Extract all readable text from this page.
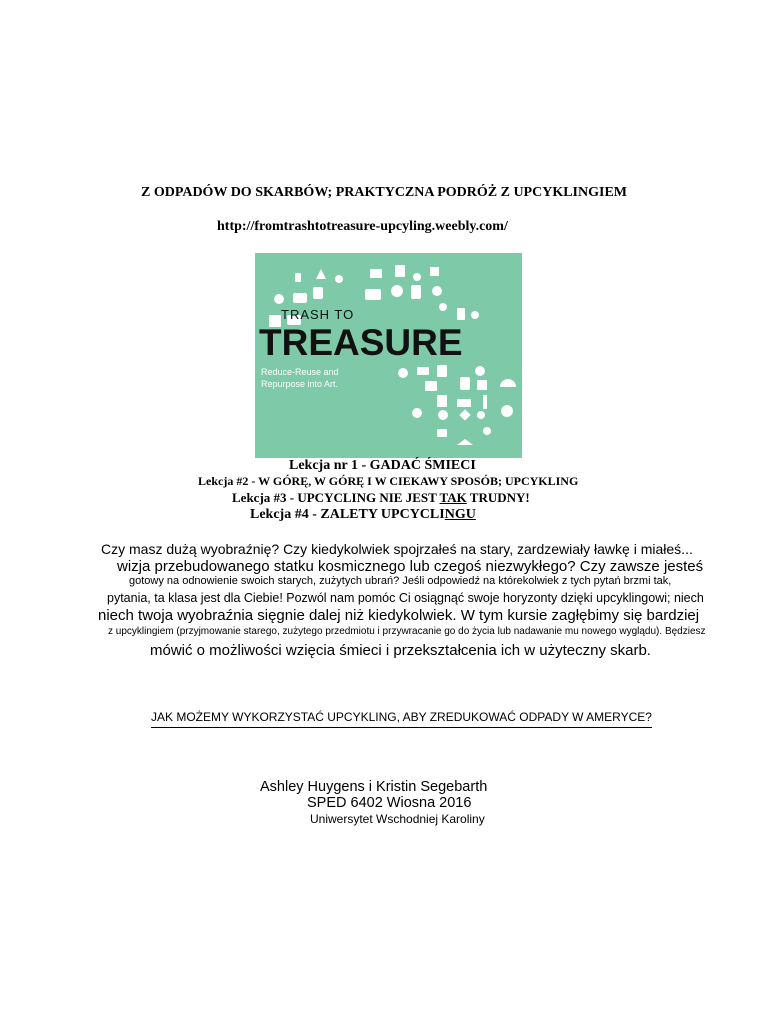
Z ODPADÓW DO SKARBÓW; PRAKTYCZNA PODRÓŻ Z UPCYKLINGIEM
http://fromtrashtotreasure-upcyling.weebly.com/
TRASH TO
TREASURE
Reduce-Reuse and
Repurpose into Art.
Lekcja nr 1 - GADAĆ ŚMIECI
Lekcja #2 - W GÓRĘ, W GÓRĘ I W CIEKAWY SPOSÓB; UPCYKLING
Lekcja #3 - UPCYCLING NIE JEST TAK TRUDNY!
Lekcja #4 - ZALETY UPCYCLINGU
Czy masz dużą wyobraźnię? Czy kiedykolwiek spojrzałeś na stary, zardzewiały ławkę i miałeś...
wizja przebudowanego statku kosmicznego lub czegoś niezwykłego? Czy zawsze jesteś
gotowy na odnowienie swoich starych, zużytych ubrań? Jeśli odpowiedź na którekolwiek z tych pytań brzmi tak,
pytania, ta klasa jest dla Ciebie! Pozwól nam pomóc Ci osiągnąć swoje horyzonty dzięki upcyklingowi; niech
niech twoja wyobraźnia sięgnie dalej niż kiedykolwiek. W tym kursie zagłębimy się bardziej
z upcyklingiem (przyjmowanie starego, zużytego przedmiotu i przywracanie go do życia lub nadawanie mu nowego wyglądu). Będziesz
mówić o możliwości wzięcia śmieci i przekształcenia ich w użyteczny skarb.
JAK MOŻEMY WYKORZYSTAĆ UPCYKLING, ABY ZREDUKOWAĆ ODPADY W AMERYCE?
Ashley Huygens i Kristin Segebarth
SPED 6402 Wiosna 2016
Uniwersytet Wschodniej Karoliny
